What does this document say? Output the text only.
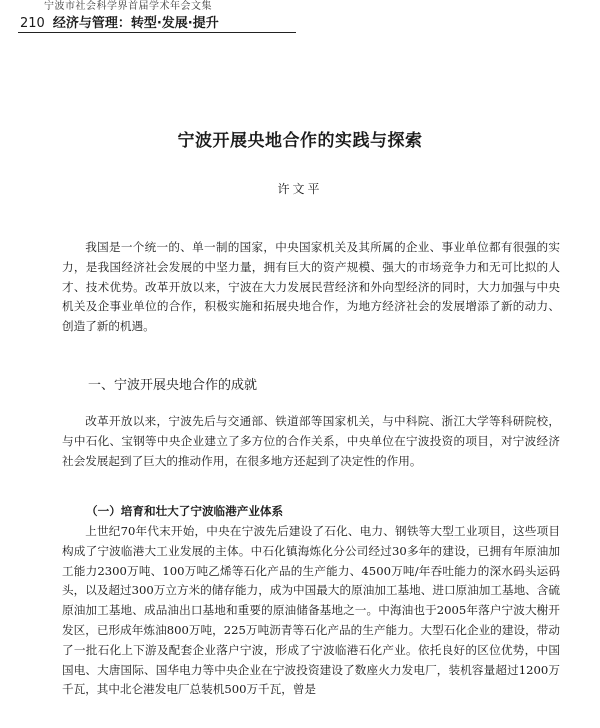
宁波市社会科学界首届学术年会文集
210 经济与管理：转型·发展·提升
宁波开展央地合作的实践与探索
许文平

我国是一个统一的、单一制的国家，中央国家机关及其所属的企业、事业单位都有很强的实力，是我国经济社会发展的中坚力量，拥有巨大的资产规模、强大的市场竞争力和无可比拟的人才、技术优势。改革开放以来，宁波在大力发展民营经济和外向型经济的同时，大力加强与中央机关及企事业单位的合作，积极实施和拓展央地合作，为地方经济社会的发展增添了新的动力、创造了新的机遇。

一、宁波开展央地合作的成就

改革开放以来，宁波先后与交通部、铁道部等国家机关，与中科院、浙江大学等科研院校，与中石化、宝钢等中央企业建立了多方位的合作关系，中央单位在宁波投资的项目，对宁波经济社会发展起到了巨大的推动作用，在很多地方还起到了决定性的作用。

（一）培育和壮大了宁波临港产业体系

上世纪70年代末开始，中央在宁波先后建设了石化、电力、钢铁等大型工业项目，这些项目构成了宁波临港大工业发展的主体。中石化镇海炼化分公司经过30多年的建设，已拥有年原油加工能力2300万吨、100万吨乙烯等石化产品的生产能力、4500万吨/年吞吐能力的深水码头运码头，以及超过300万立方米的储存能力，成为中国最大的原油加工基地、进口原油加工基地、含硫原油加工基地、成品油出口基地和重要的原油储备基地之一。中海油也于2005年落户宁波大榭开发区，已形成年炼油800万吨，225万吨沥青等石化产品的生产能力。大型石化企业的建设，带动了一批石化上下游及配套企业落户宁波，形成了宁波临港石化产业。依托良好的区位优势，中国国电、大唐国际、国华电力等中央企业在宁波投资建设了数座火力发电厂，装机容量超过1200万千瓦，其中北仑港发电厂总装机500万千瓦，曾是
